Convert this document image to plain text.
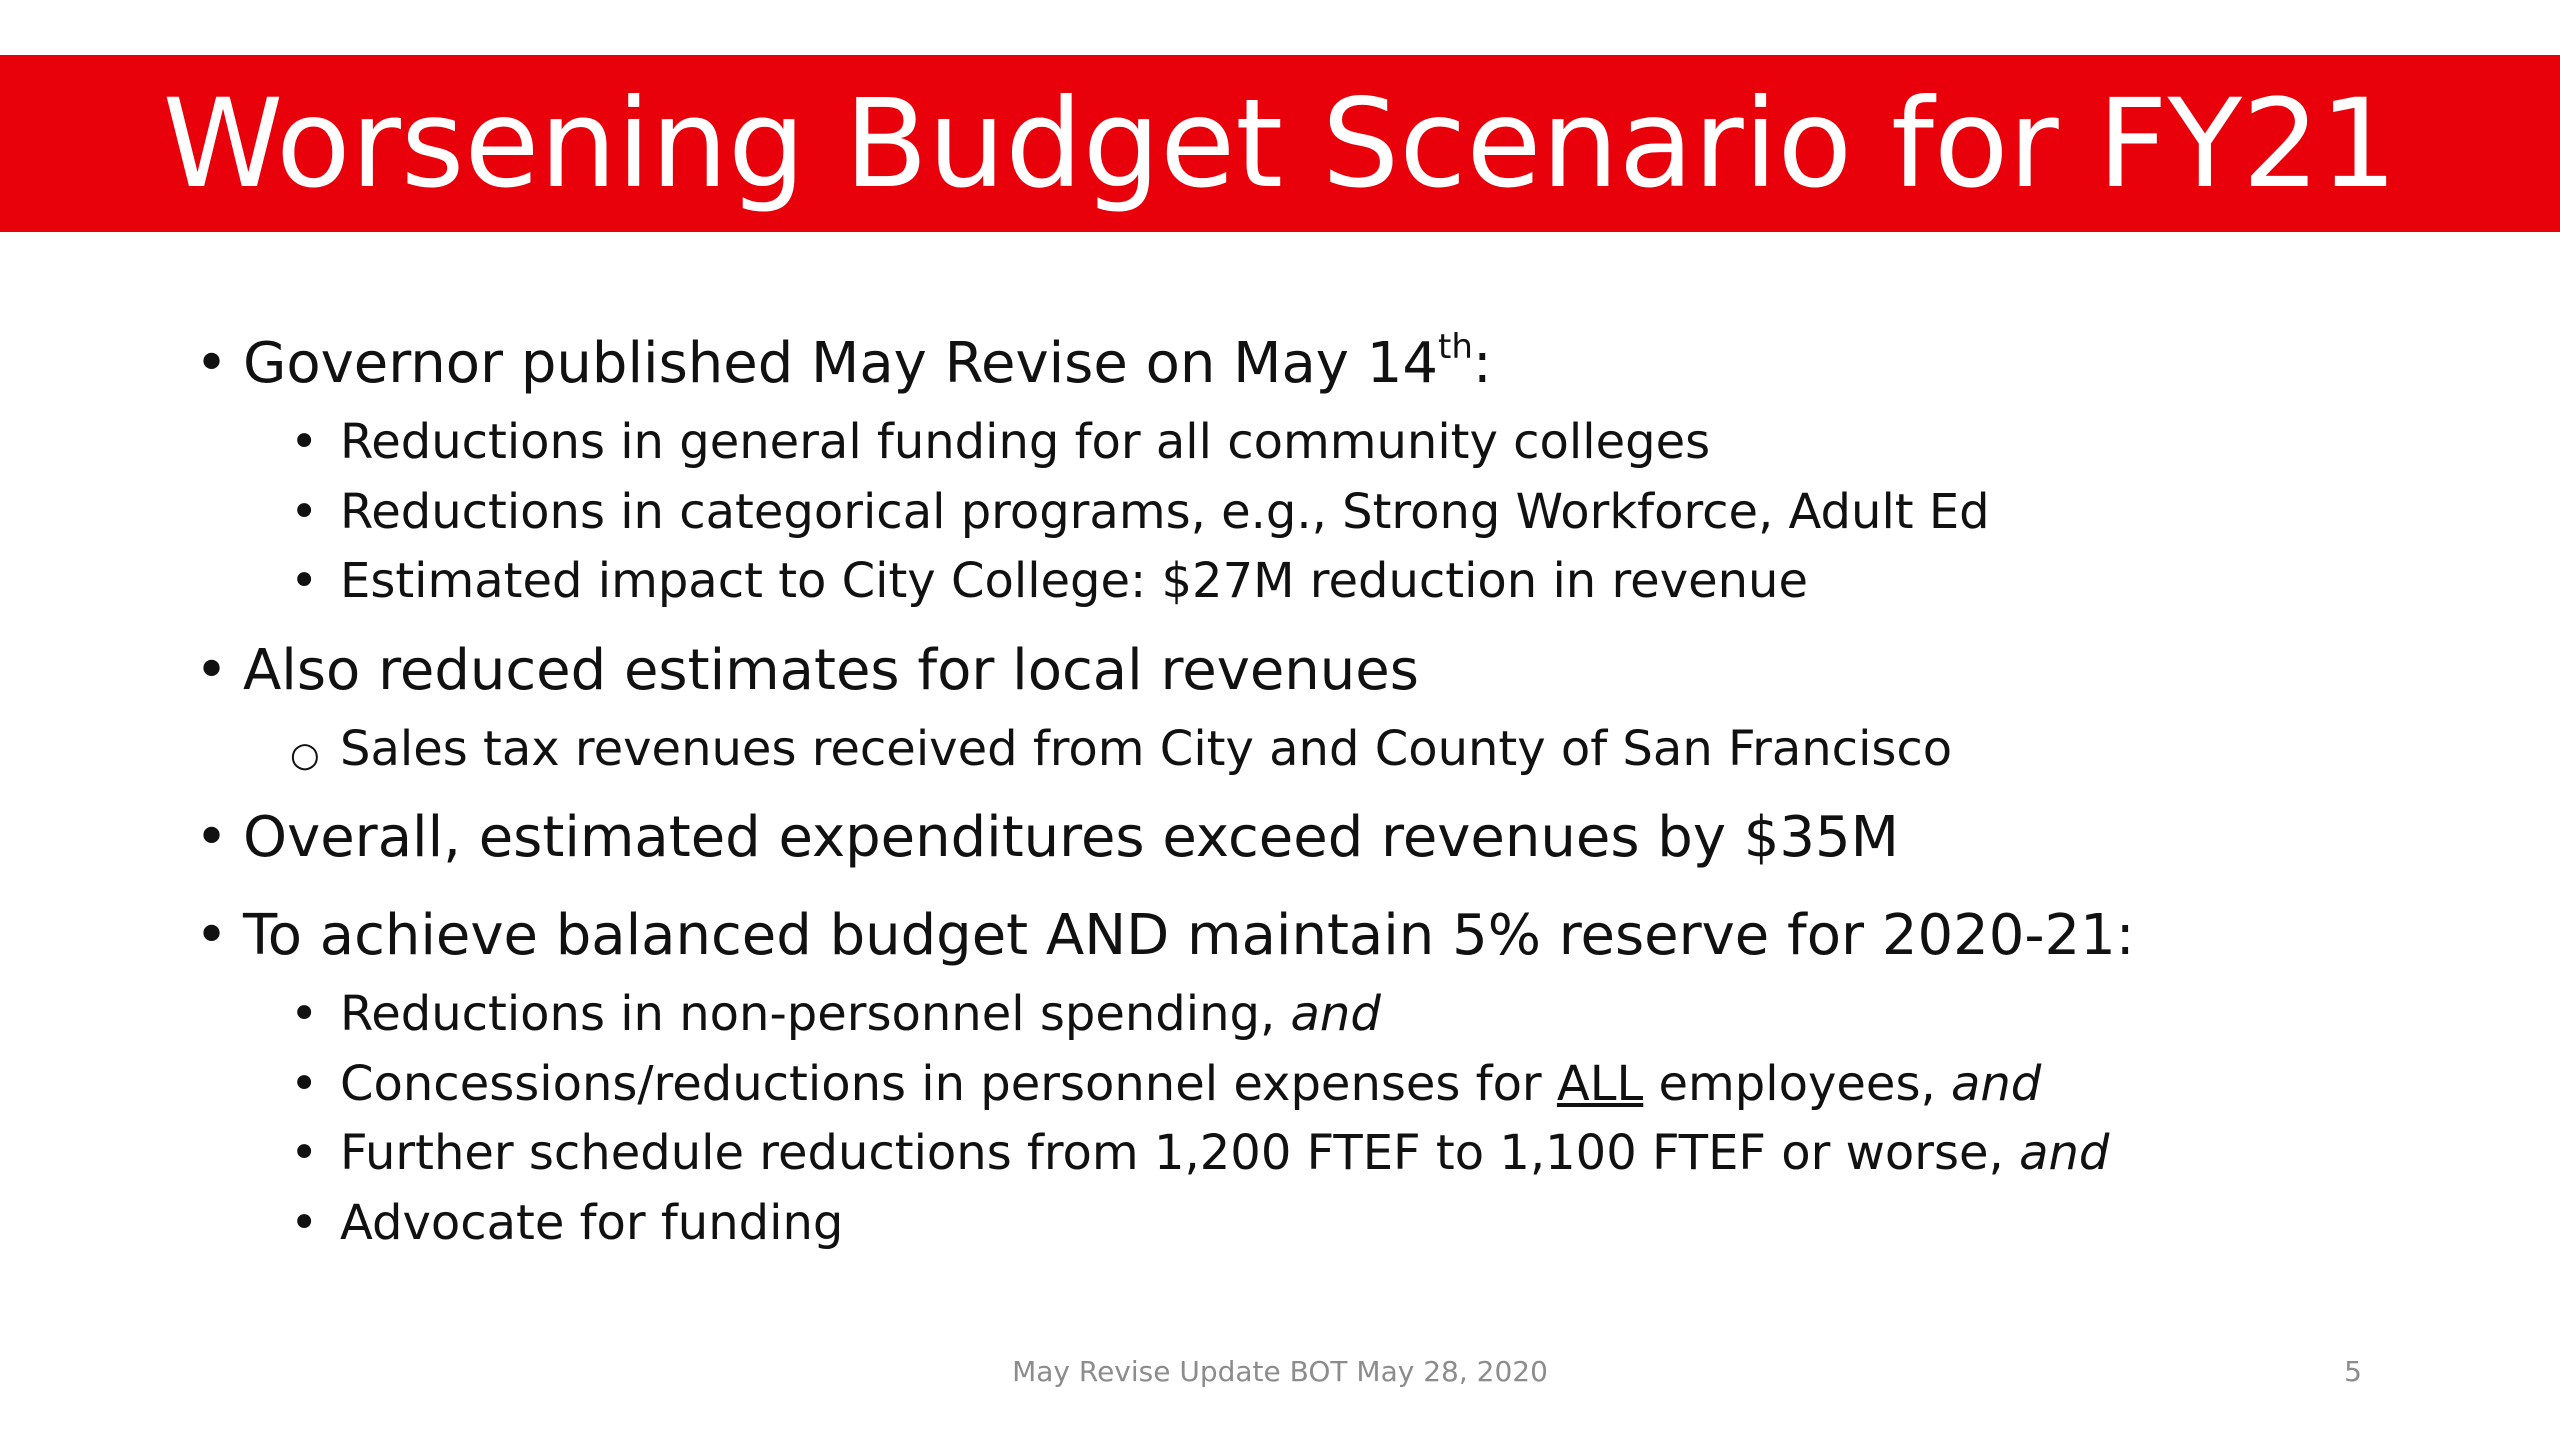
Worsening Budget Scenario for FY21
• Governor published May Revise on May 14th:
• Reductions in general funding for all community colleges
• Reductions in categorical programs, e.g., Strong Workforce, Adult Ed
• Estimated impact to City College: $27M reduction in revenue
• Also reduced estimates for local revenues
○ Sales tax revenues received from City and County of San Francisco
• Overall, estimated expenditures exceed revenues by $35M
• To achieve balanced budget AND maintain 5% reserve for 2020-21:
• Reductions in non-personnel spending, and
• Concessions/reductions in personnel expenses for ALL employees, and
• Further schedule reductions from 1,200 FTEF to 1,100 FTEF or worse, and
• Advocate for funding
May Revise Update BOT May 28, 2020	5
